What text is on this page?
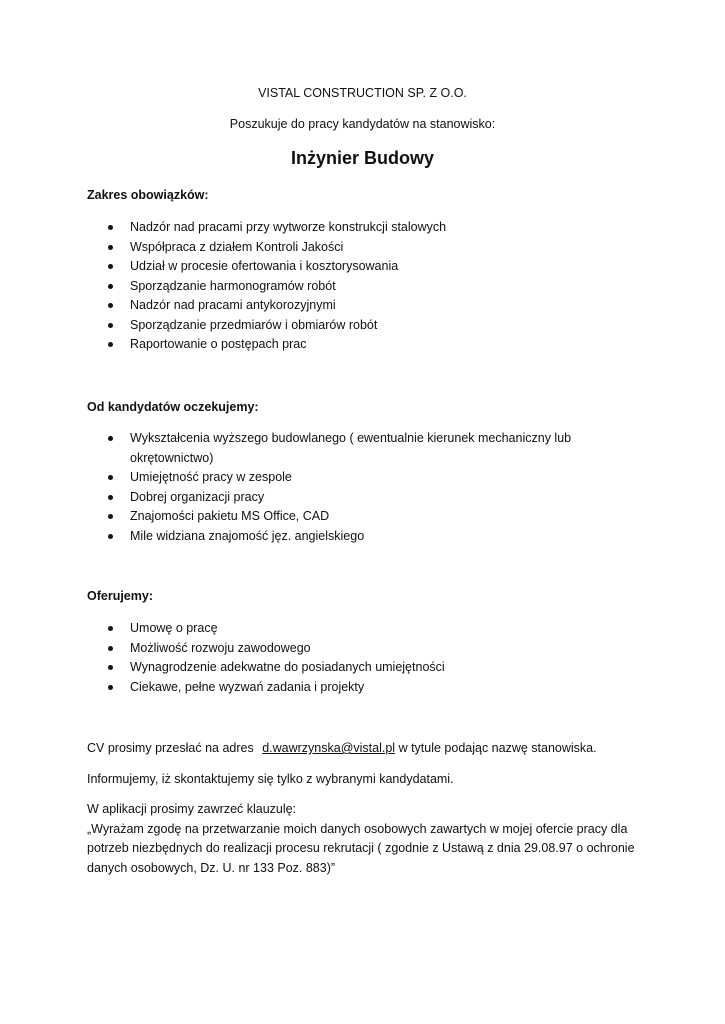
VISTAL CONSTRUCTION SP. Z O.O.
Poszukuje do pracy kandydatów na stanowisko:
Inżynier Budowy
Zakres obowiązków:
Nadzór nad pracami przy wytworze konstrukcji stalowych
Współpraca z działem Kontroli Jakości
Udział w procesie ofertowania i kosztorysowania
Sporządzanie harmonogramów robót
Nadzór nad pracami antykorozyjnymi
Sporządzanie przedmiarów i obmiarów robót
Raportowanie o postępach prac
Od kandydatów oczekujemy:
Wykształcenia wyższego budowlanego ( ewentualnie kierunek mechaniczny lub okrętownictwo)
Umiejętność pracy w zespole
Dobrej organizacji pracy
Znajomości pakietu MS Office, CAD
Mile widziana znajomość jęz. angielskiego
Oferujemy:
Umowę o pracę
Możliwość rozwoju zawodowego
Wynagrodzenie adekwatne do posiadanych umiejętności
Ciekawe, pełne wyzwań zadania i projekty
CV prosimy przesłać na adres d.wawrzynska@vistal.pl w tytule podając nazwę stanowiska.
Informujemy, iż skontaktujemy się tylko z wybranymi kandydatami.
W aplikacji prosimy zawrzeć klauzulę:
„Wyrażam zgodę na przetwarzanie moich danych osobowych zawartych w mojej ofercie pracy dla potrzeb niezbędnych do realizacji procesu rekrutacji ( zgodnie z Ustawą z dnia 29.08.97 o ochronie danych osobowych, Dz. U. nr 133 Poz. 883)”
